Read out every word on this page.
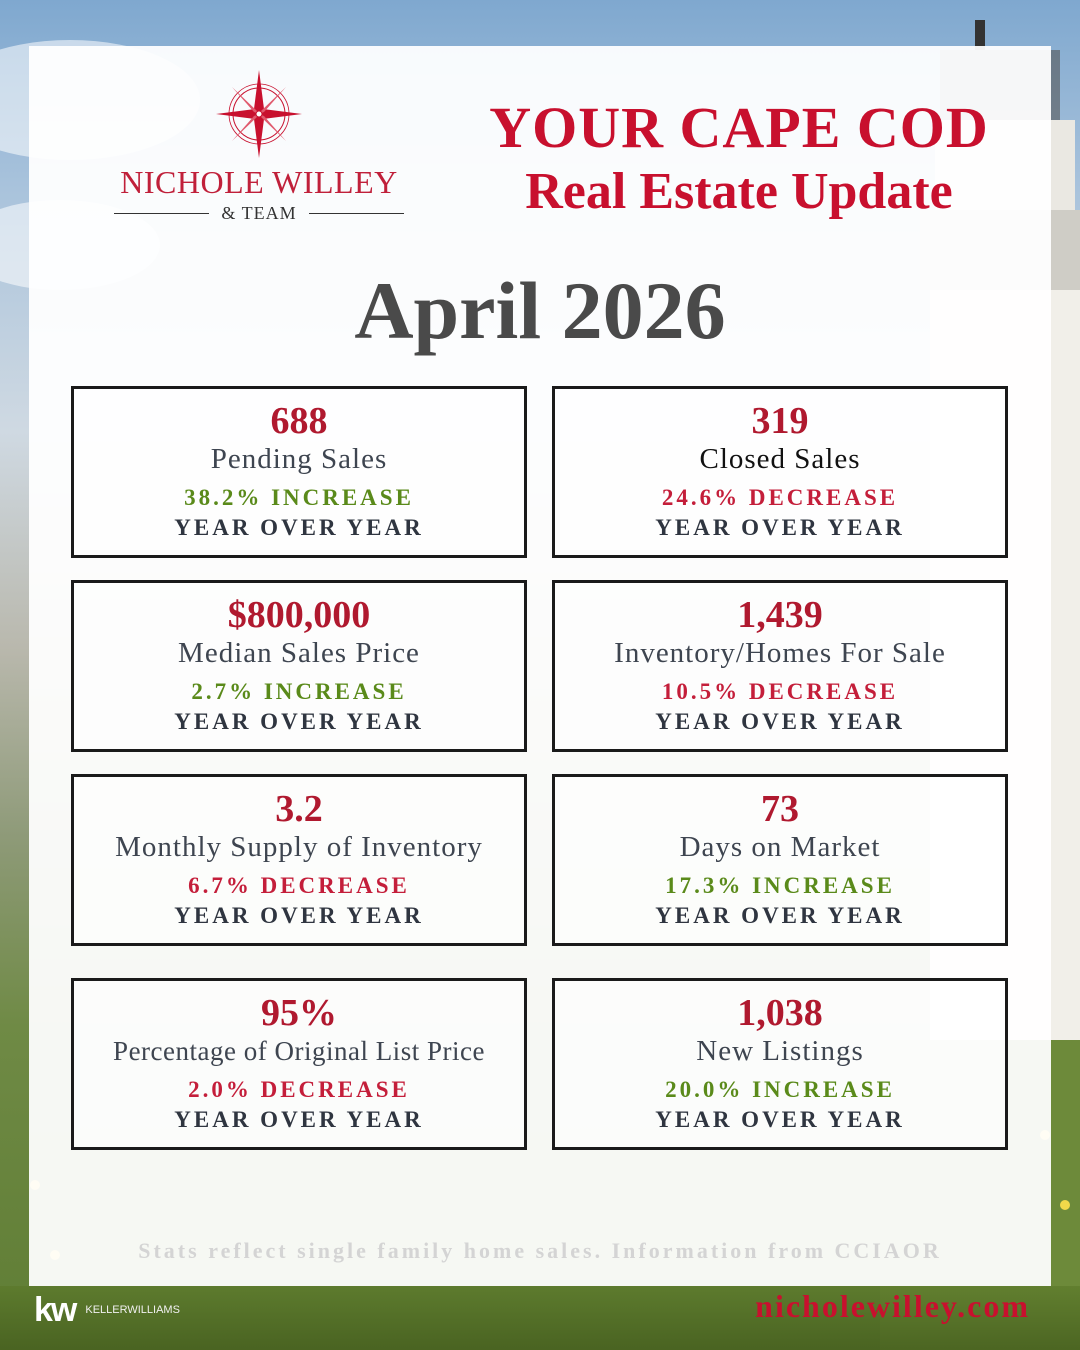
NICHOLE WILLEY
& TEAM
YOUR CAPE COD
Real Estate Update
April 2026
688
Pending Sales
38.2% INCREASE
YEAR OVER YEAR
319
Closed Sales
24.6% DECREASE
YEAR OVER YEAR
$800,000
Median Sales Price
2.7% INCREASE
YEAR OVER YEAR
1,439
Inventory/Homes For Sale
10.5% DECREASE
YEAR OVER YEAR
3.2
Monthly Supply of Inventory
6.7% DECREASE
YEAR OVER YEAR
73
Days on Market
17.3% INCREASE
YEAR OVER YEAR
95%
Percentage of Original List Price
2.0% DECREASE
YEAR OVER YEAR
1,038
New Listings
20.0% INCREASE
YEAR OVER YEAR
Stats reflect single family home sales. Information from CCIAOR
kw KELLERWILLIAMS	nicholewilley.com
